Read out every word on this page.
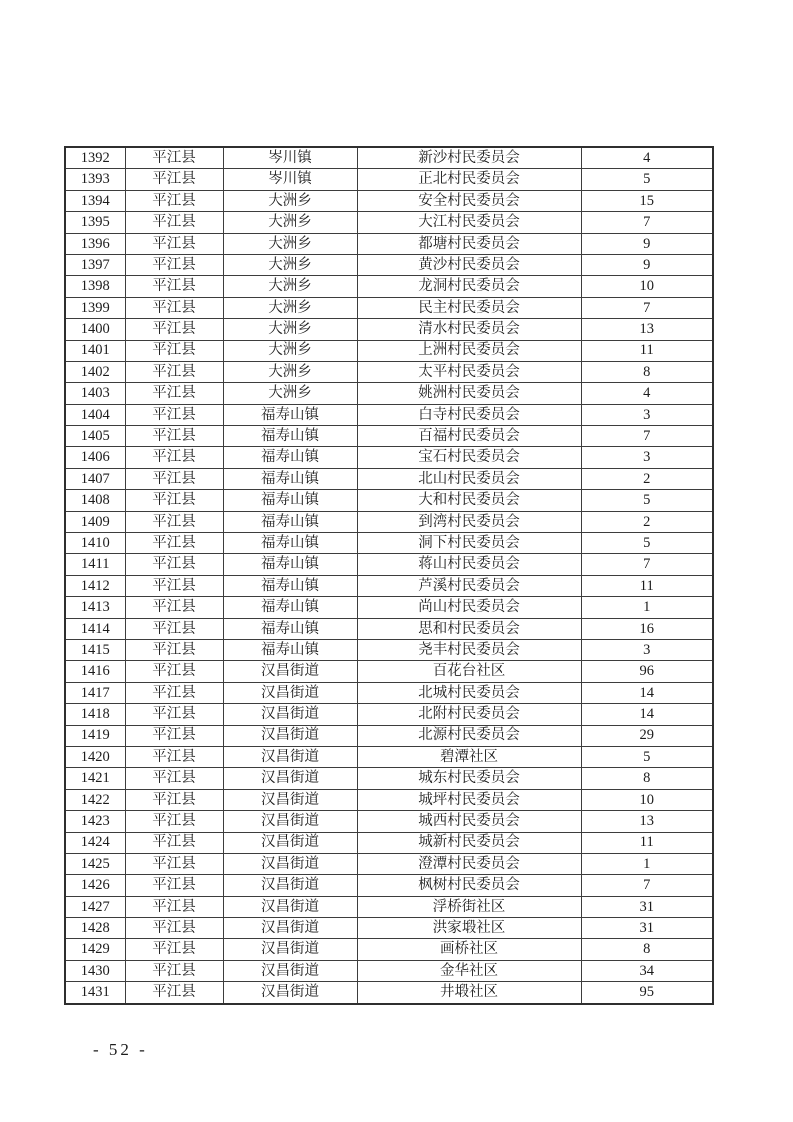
1392	平江县	岑川镇	新沙村民委员会	4
1393	平江县	岑川镇	正北村民委员会	5
1394	平江县	大洲乡	安全村民委员会	15
1395	平江县	大洲乡	大江村民委员会	7
1396	平江县	大洲乡	都塘村民委员会	9
1397	平江县	大洲乡	黄沙村民委员会	9
1398	平江县	大洲乡	龙洞村民委员会	10
1399	平江县	大洲乡	民主村民委员会	7
1400	平江县	大洲乡	清水村民委员会	13
1401	平江县	大洲乡	上洲村民委员会	11
1402	平江县	大洲乡	太平村民委员会	8
1403	平江县	大洲乡	姚洲村民委员会	4
1404	平江县	福寿山镇	白寺村民委员会	3
1405	平江县	福寿山镇	百福村民委员会	7
1406	平江县	福寿山镇	宝石村民委员会	3
1407	平江县	福寿山镇	北山村民委员会	2
1408	平江县	福寿山镇	大和村民委员会	5
1409	平江县	福寿山镇	到湾村民委员会	2
1410	平江县	福寿山镇	洞下村民委员会	5
1411	平江县	福寿山镇	蒋山村民委员会	7
1412	平江县	福寿山镇	芦溪村民委员会	11
1413	平江县	福寿山镇	尚山村民委员会	1
1414	平江县	福寿山镇	思和村民委员会	16
1415	平江县	福寿山镇	尧丰村民委员会	3
1416	平江县	汉昌街道	百花台社区	96
1417	平江县	汉昌街道	北城村民委员会	14
1418	平江县	汉昌街道	北附村民委员会	14
1419	平江县	汉昌街道	北源村民委员会	29
1420	平江县	汉昌街道	碧潭社区	5
1421	平江县	汉昌街道	城东村民委员会	8
1422	平江县	汉昌街道	城坪村民委员会	10
1423	平江县	汉昌街道	城西村民委员会	13
1424	平江县	汉昌街道	城新村民委员会	11
1425	平江县	汉昌街道	澄潭村民委员会	1
1426	平江县	汉昌街道	枫树村民委员会	7
1427	平江县	汉昌街道	浮桥街社区	31
1428	平江县	汉昌街道	洪家塅社区	31
1429	平江县	汉昌街道	画桥社区	8
1430	平江县	汉昌街道	金华社区	34
1431	平江县	汉昌街道	井塅社区	95
- 52 -
